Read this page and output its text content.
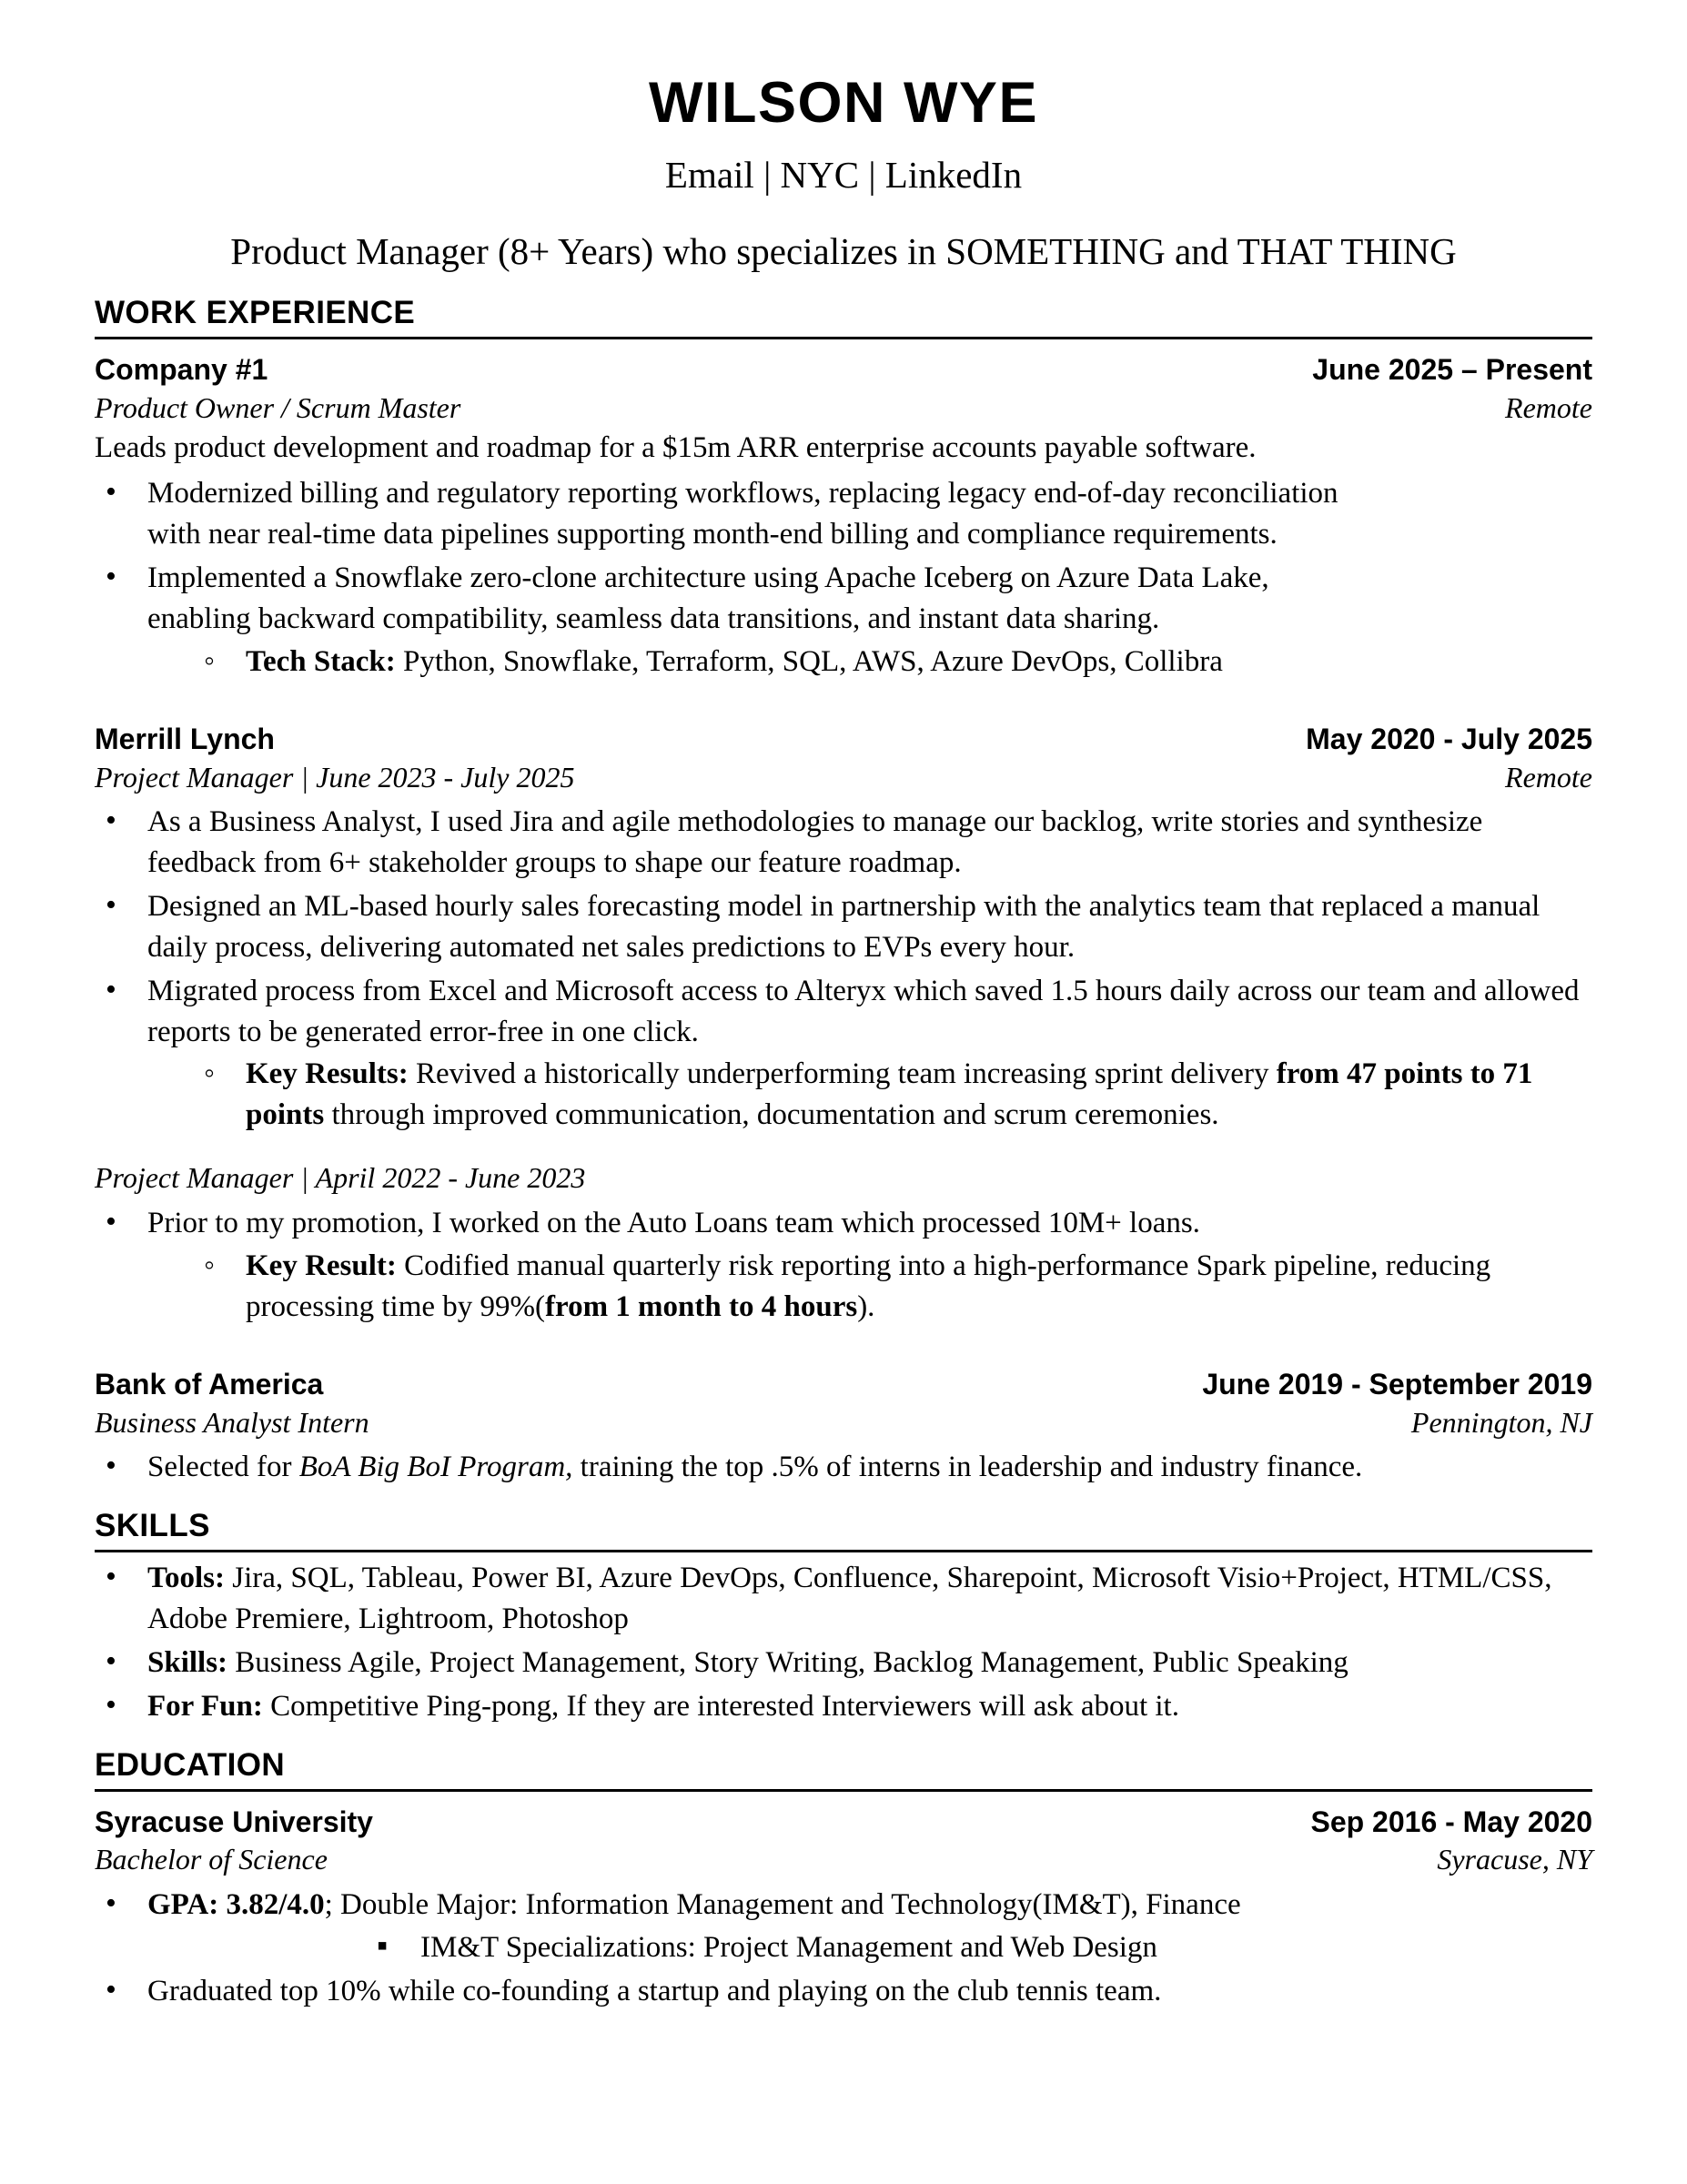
WILSON WYE
Email | NYC | LinkedIn
Product Manager (8+ Years) who specializes in SOMETHING and THAT THING
WORK EXPERIENCE
Company #1	June 2025 – Present
Product Owner / Scrum Master	Remote
Leads product development and roadmap for a $15m ARR enterprise accounts payable software.
• Modernized billing and regulatory reporting workflows, replacing legacy end-of-day reconciliation
with near real-time data pipelines supporting month-end billing and compliance requirements.
• Implemented a Snowflake zero-clone architecture using Apache Iceberg on Azure Data Lake,
enabling backward compatibility, seamless data transitions, and instant data sharing.
◦ Tech Stack: Python, Snowflake, Terraform, SQL, AWS, Azure DevOps, Collibra
Merrill Lynch	May 2020 - July 2025
Project Manager | June 2023 - July 2025	Remote
• As a Business Analyst, I used Jira and agile methodologies to manage our backlog, write stories and synthesize feedback from 6+ stakeholder groups to shape our feature roadmap.
• Designed an ML-based hourly sales forecasting model in partnership with the analytics team that replaced a manual daily process, delivering automated net sales predictions to EVPs every hour.
• Migrated process from Excel and Microsoft access to Alteryx which saved 1.5 hours daily across our team and allowed reports to be generated error-free in one click.
◦ Key Results: Revived a historically underperforming team increasing sprint delivery from 47 points to 71 points through improved communication, documentation and scrum ceremonies.
Project Manager | April 2022 - June 2023
• Prior to my promotion, I worked on the Auto Loans team which processed 10M+ loans.
◦ Key Result: Codified manual quarterly risk reporting into a high-performance Spark pipeline, reducing processing time by 99%(from 1 month to 4 hours).
Bank of America	June 2019 - September 2019
Business Analyst Intern	Pennington, NJ
• Selected for BoA Big BoI Program, training the top .5% of interns in leadership and industry finance.
SKILLS
• Tools: Jira, SQL, Tableau, Power BI, Azure DevOps, Confluence, Sharepoint, Microsoft Visio+Project, HTML/CSS, Adobe Premiere, Lightroom, Photoshop
• Skills: Business Agile, Project Management, Story Writing, Backlog Management, Public Speaking
• For Fun: Competitive Ping-pong, If they are interested Interviewers will ask about it.
EDUCATION
Syracuse University	Sep 2016 - May 2020
Bachelor of Science	Syracuse, NY
• GPA: 3.82/4.0; Double Major: Information Management and Technology(IM&T), Finance
▪ IM&T Specializations: Project Management and Web Design
• Graduated top 10% while co-founding a startup and playing on the club tennis team.
